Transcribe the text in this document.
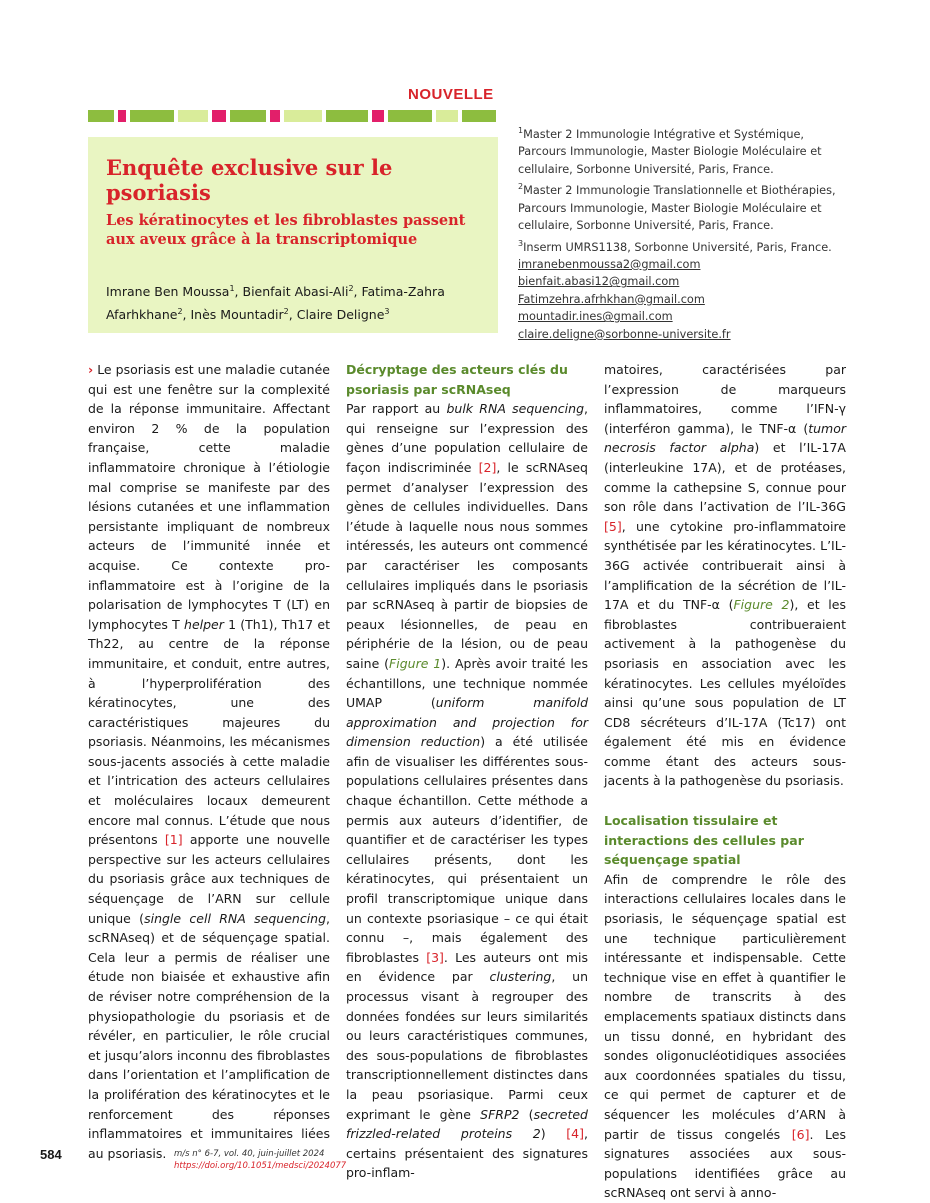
NOUVELLE
Enquête exclusive sur le psoriasis
Les kératinocytes et les fibroblastes passent aux aveux grâce à la transcriptomique
Imrane Ben Moussa$^1$, Bienfait Abasi-Ali$^2$, Fatima-Zahra Afarhkhane$^2$, Inès Mountadir$^2$, Claire Deligne$^3$
$^1$Master 2 Immunologie Intégrative et Systémique, Parcours Immunologie, Master Biologie Moléculaire et cellulaire, Sorbonne Université, Paris, France.
$^2$Master 2 Immunologie Translationnelle et Biothérapies, Parcours Immunologie, Master Biologie Moléculaire et cellulaire, Sorbonne Université, Paris, France.
$^3$Inserm UMRS1138, Sorbonne Université, Paris, France.
imranebenmoussa2@gmail.com
bienfait.abasi12@gmail.com
Fatimzehra.afrhkhan@gmail.com
mountadir.ines@gmail.com
claire.deligne@sorbonne-universite.fr

› Le psoriasis est une maladie cutanée qui est une fenêtre sur la complexité de la réponse immunitaire. Affectant environ 2 % de la population française, cette maladie inflammatoire chronique à l’étiologie mal comprise se manifeste par des lésions cutanées et une inflammation persistante impliquant de nombreux acteurs de l’immunité innée et acquise. Ce contexte pro-inflammatoire est à l’origine de la polarisation de lymphocytes T (LT) en lymphocytes T helper 1 (Th1), Th17 et Th22, au centre de la réponse immunitaire, et conduit, entre autres, à l’hyperprolifération des kératinocytes, une des caractéristiques majeures du psoriasis. Néanmoins, les mécanismes sous-jacents associés à cette maladie et l’intrication des acteurs cellulaires et moléculaires locaux demeurent encore mal connus. L’étude que nous présentons [1] apporte une nouvelle perspective sur les acteurs cellulaires du psoriasis grâce aux techniques de séquençage de l’ARN sur cellule unique (single cell RNA sequencing, scRNAseq) et de séquençage spatial. Cela leur a permis de réaliser une étude non biaisée et exhaustive afin de réviser notre compréhension de la physiopathologie du psoriasis et de révéler, en particulier, le rôle crucial et jusqu’alors inconnu des fibroblastes dans l’orientation et l’amplification de la prolifération des kératinocytes et le renforcement des réponses inflammatoires et immunitaires liées au psoriasis.

Décryptage des acteurs clés du psoriasis par scRNAseq

Par rapport au bulk RNA sequencing, qui renseigne sur l’expression des gènes d’une population cellulaire de façon indiscriminée [2], le scRNAseq permet d’analyser l’expression des gènes de cellules individuelles. Dans l’étude à laquelle nous nous sommes intéressés, les auteurs ont commencé par caractériser les composants cellulaires impliqués dans le psoriasis par scRNAseq à partir de biopsies de peaux lésionnelles, de peau en périphérie de la lésion, ou de peau saine (Figure 1). Après avoir traité les échantillons, une technique nommée UMAP (uniform manifold approximation and projection for dimension reduction) a été utilisée afin de visualiser les différentes sous-populations cellulaires présentes dans chaque échantillon. Cette méthode a permis aux auteurs d’identifier, de quantifier et de caractériser les types cellulaires présents, dont les kératinocytes, qui présentaient un profil transcriptomique unique dans un contexte psoriasique – ce qui était connu –, mais également des fibroblastes [3]. Les auteurs ont mis en évidence par clustering, un processus visant à regrouper des données fondées sur leurs similarités ou leurs caractéristiques communes, des sous-populations de fibroblastes transcriptionnellement distinctes dans la peau psoriasique. Parmi ceux exprimant le gène SFRP2 (secreted frizzled-related proteins 2) [4], certains présentaient des signatures pro-inflam-

matoires, caractérisées par l’expression de marqueurs inflammatoires, comme l’IFN-γ (interféron gamma), le TNF-α (tumor necrosis factor alpha) et l’IL-17A (interleukine 17A), et de protéases, comme la cathepsine S, connue pour son rôle dans l’activation de l’IL-36G [5], une cytokine pro-inflammatoire synthétisée par les kératinocytes. L’IL-36G activée contribuerait ainsi à l’amplification de la sécrétion de l’IL-17A et du TNF-α (Figure 2), et les fibroblastes contribueraient activement à la pathogenèse du psoriasis en association avec les kératinocytes. Les cellules myéloïdes ainsi qu’une sous population de LT CD8 sécréteurs d’IL-17A (Tc17) ont également été mis en évidence comme étant des acteurs sous-jacents à la pathogenèse du psoriasis.

Localisation tissulaire et interactions des cellules par séquençage spatial

Afin de comprendre le rôle des interactions cellulaires locales dans le psoriasis, le séquençage spatial est une technique particulièrement intéressante et indispensable. Cette technique vise en effet à quantifier le nombre de transcrits à des emplacements spatiaux distincts dans un tissu donné, en hybridant des sondes oligonucléotidiques associées aux coordonnées spatiales du tissu, ce qui permet de capturer et de séquencer les molécules d’ARN à partir de tissus congelés [6]. Les signatures associées aux sous-populations identifiées grâce au scRNAseq ont servi à anno-

584	m/s n° 6-7, vol. 40, juin-juillet 2024
https://doi.org/10.1051/medsci/2024077
